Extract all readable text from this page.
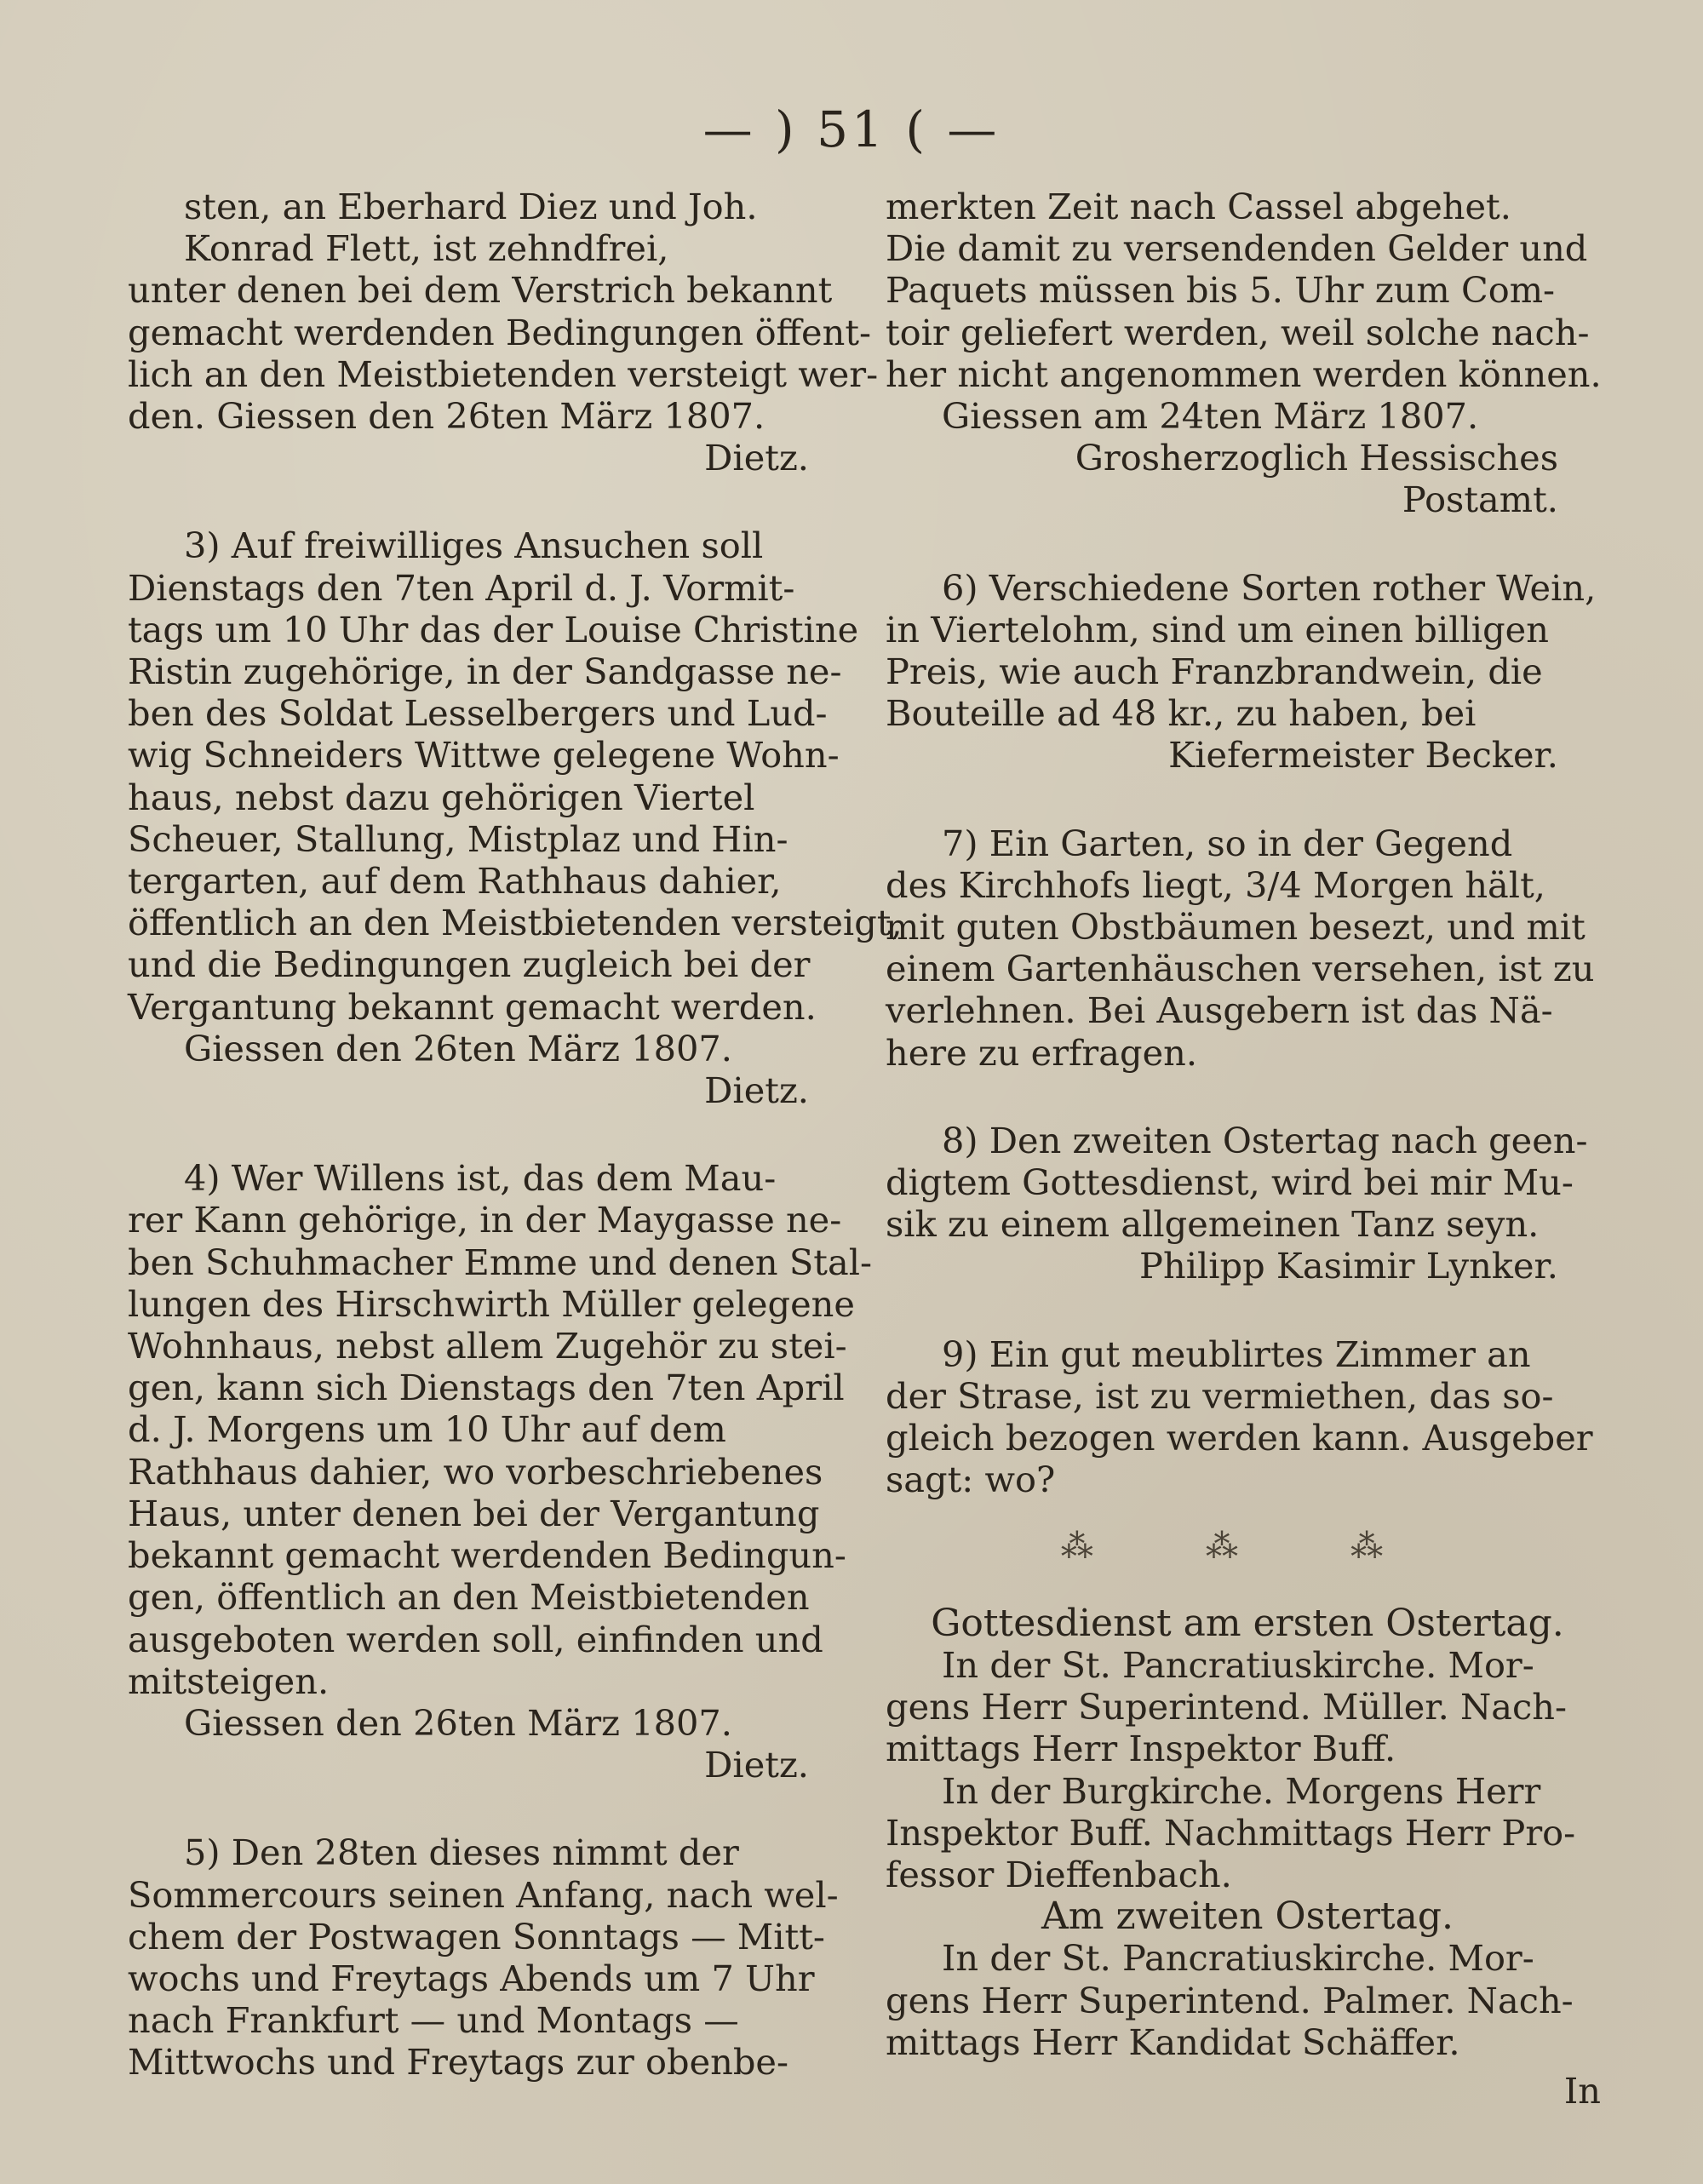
— ) 51 ( —
sten, an Eberhard Diez und Joh.
Konrad Flett, ist zehndfrei,
unter denen bei dem Verstrich bekannt
gemacht werdenden Bedingungen öffent-
lich an den Meistbietenden versteigt wer-
den. Giessen den 26ten März 1807.
Dietz.
3) Auf freiwilliges Ansuchen soll
Dienstags den 7ten April d. J. Vormit-
tags um 10 Uhr das der Louise Christine
Ristin zugehörige, in der Sandgasse ne-
ben des Soldat Lesselbergers und Lud-
wig Schneiders Wittwe gelegene Wohn-
haus, nebst dazu gehörigen Viertel
Scheuer, Stallung, Mistplaz und Hin-
tergarten, auf dem Rathhaus dahier,
öffentlich an den Meistbietenden versteigt,
und die Bedingungen zugleich bei der
Vergantung bekannt gemacht werden.
Giessen den 26ten März 1807.
Dietz.
4) Wer Willens ist, das dem Mau-
rer Kann gehörige, in der Maygasse ne-
ben Schuhmacher Emme und denen Stal-
lungen des Hirschwirth Müller gelegene
Wohnhaus, nebst allem Zugehör zu stei-
gen, kann sich Dienstags den 7ten April
d. J. Morgens um 10 Uhr auf dem
Rathhaus dahier, wo vorbeschriebenes
Haus, unter denen bei der Vergantung
bekannt gemacht werdenden Bedingun-
gen, öffentlich an den Meistbietenden
ausgeboten werden soll, einfinden und
mitsteigen.
Giessen den 26ten März 1807.
Dietz.
5) Den 28ten dieses nimmt der
Sommercours seinen Anfang, nach wel-
chem der Postwagen Sonntags — Mitt-
wochs und Freytags Abends um 7 Uhr
nach Frankfurt — und Montags —
Mittwochs und Freytags zur obenbe-
merkten Zeit nach Cassel abgehet.
Die damit zu versendenden Gelder und
Paquets müssen bis 5. Uhr zum Com-
toir geliefert werden, weil solche nach-
her nicht angenommen werden können.
Giessen am 24ten März 1807.
Grosherzoglich Hessisches
Postamt.
6) Verschiedene Sorten rother Wein,
in Viertelohm, sind um einen billigen
Preis, wie auch Franzbrandwein, die
Bouteille ad 48 kr., zu haben, bei
Kiefermeister Becker.
7) Ein Garten, so in der Gegend
des Kirchhofs liegt, 3/4 Morgen hält,
mit guten Obstbäumen besezt, und mit
einem Gartenhäuschen versehen, ist zu
verlehnen. Bei Ausgebern ist das Nä-
here zu erfragen.
8) Den zweiten Ostertag nach geen-
digtem Gottesdienst, wird bei mir Mu-
sik zu einem allgemeinen Tanz seyn.
Philipp Kasimir Lynker.
9) Ein gut meublirtes Zimmer an
der Strase, ist zu vermiethen, das so-
gleich bezogen werden kann. Ausgeber
sagt: wo?
⁂ ⁂ ⁂
Gottesdienst am ersten Ostertag.
In der St. Pancratiuskirche. Mor-
gens Herr Superintend. Müller. Nach-
mittags Herr Inspektor Buff.
In der Burgkirche. Morgens Herr
Inspektor Buff. Nachmittags Herr Pro-
fessor Dieffenbach.
Am zweiten Ostertag.
In der St. Pancratiuskirche. Mor-
gens Herr Superintend. Palmer. Nach-
mittags Herr Kandidat Schäffer.
In
